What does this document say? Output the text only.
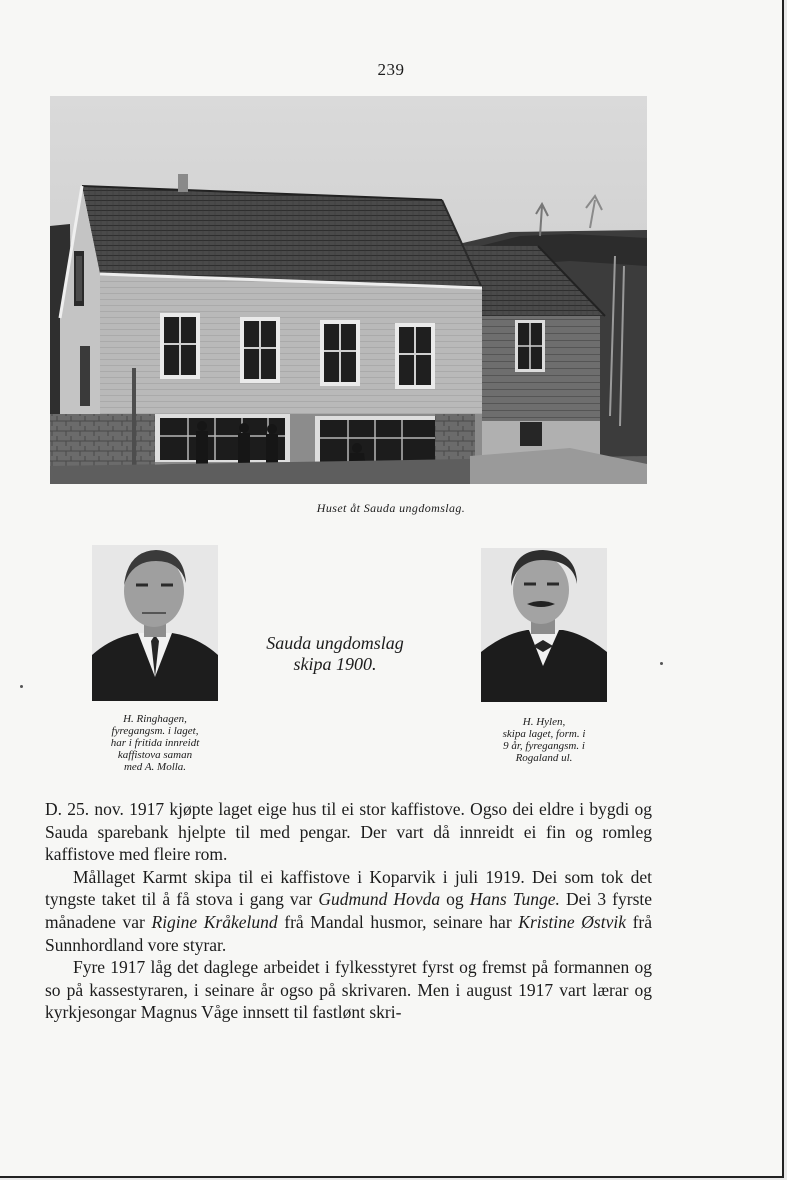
239
Huset åt Sauda ungdomslag.
Sauda ungdomslag
skipa 1900.
H. Ringhagen,
fyregangsm. i laget,
har i fritida innreidt
kaffistova saman
med A. Molla.
H. Hylen,
skipa laget, form. i
9 år, fyregangsm. i
Rogaland ul.

D. 25. nov. 1917 kjøpte laget eige hus til ei stor kaffistove. Ogso dei eldre i bygdi og Sauda sparebank hjelpte til med pengar. Der vart då innreidt ei fin og romleg kaffistove med fleire rom.

Mållaget Karmt skipa til ei kaffistove i Koparvik i juli 1919. Dei som tok det tyngste taket til å få stova i gang var Gudmund Hovda og Hans Tunge. Dei 3 fyrste månadene var Rigine Kråkelund frå Mandal husmor, seinare har Kristine Østvik frå Sunnhordland vore styrar.

Fyre 1917 låg det daglege arbeidet i fylkesstyret fyrst og fremst på formannen og so på kassestyraren, i seinare år ogso på skrivaren. Men i august 1917 vart lærar og kyrkjesongar Magnus Våge innsett til fastlønt skri-
